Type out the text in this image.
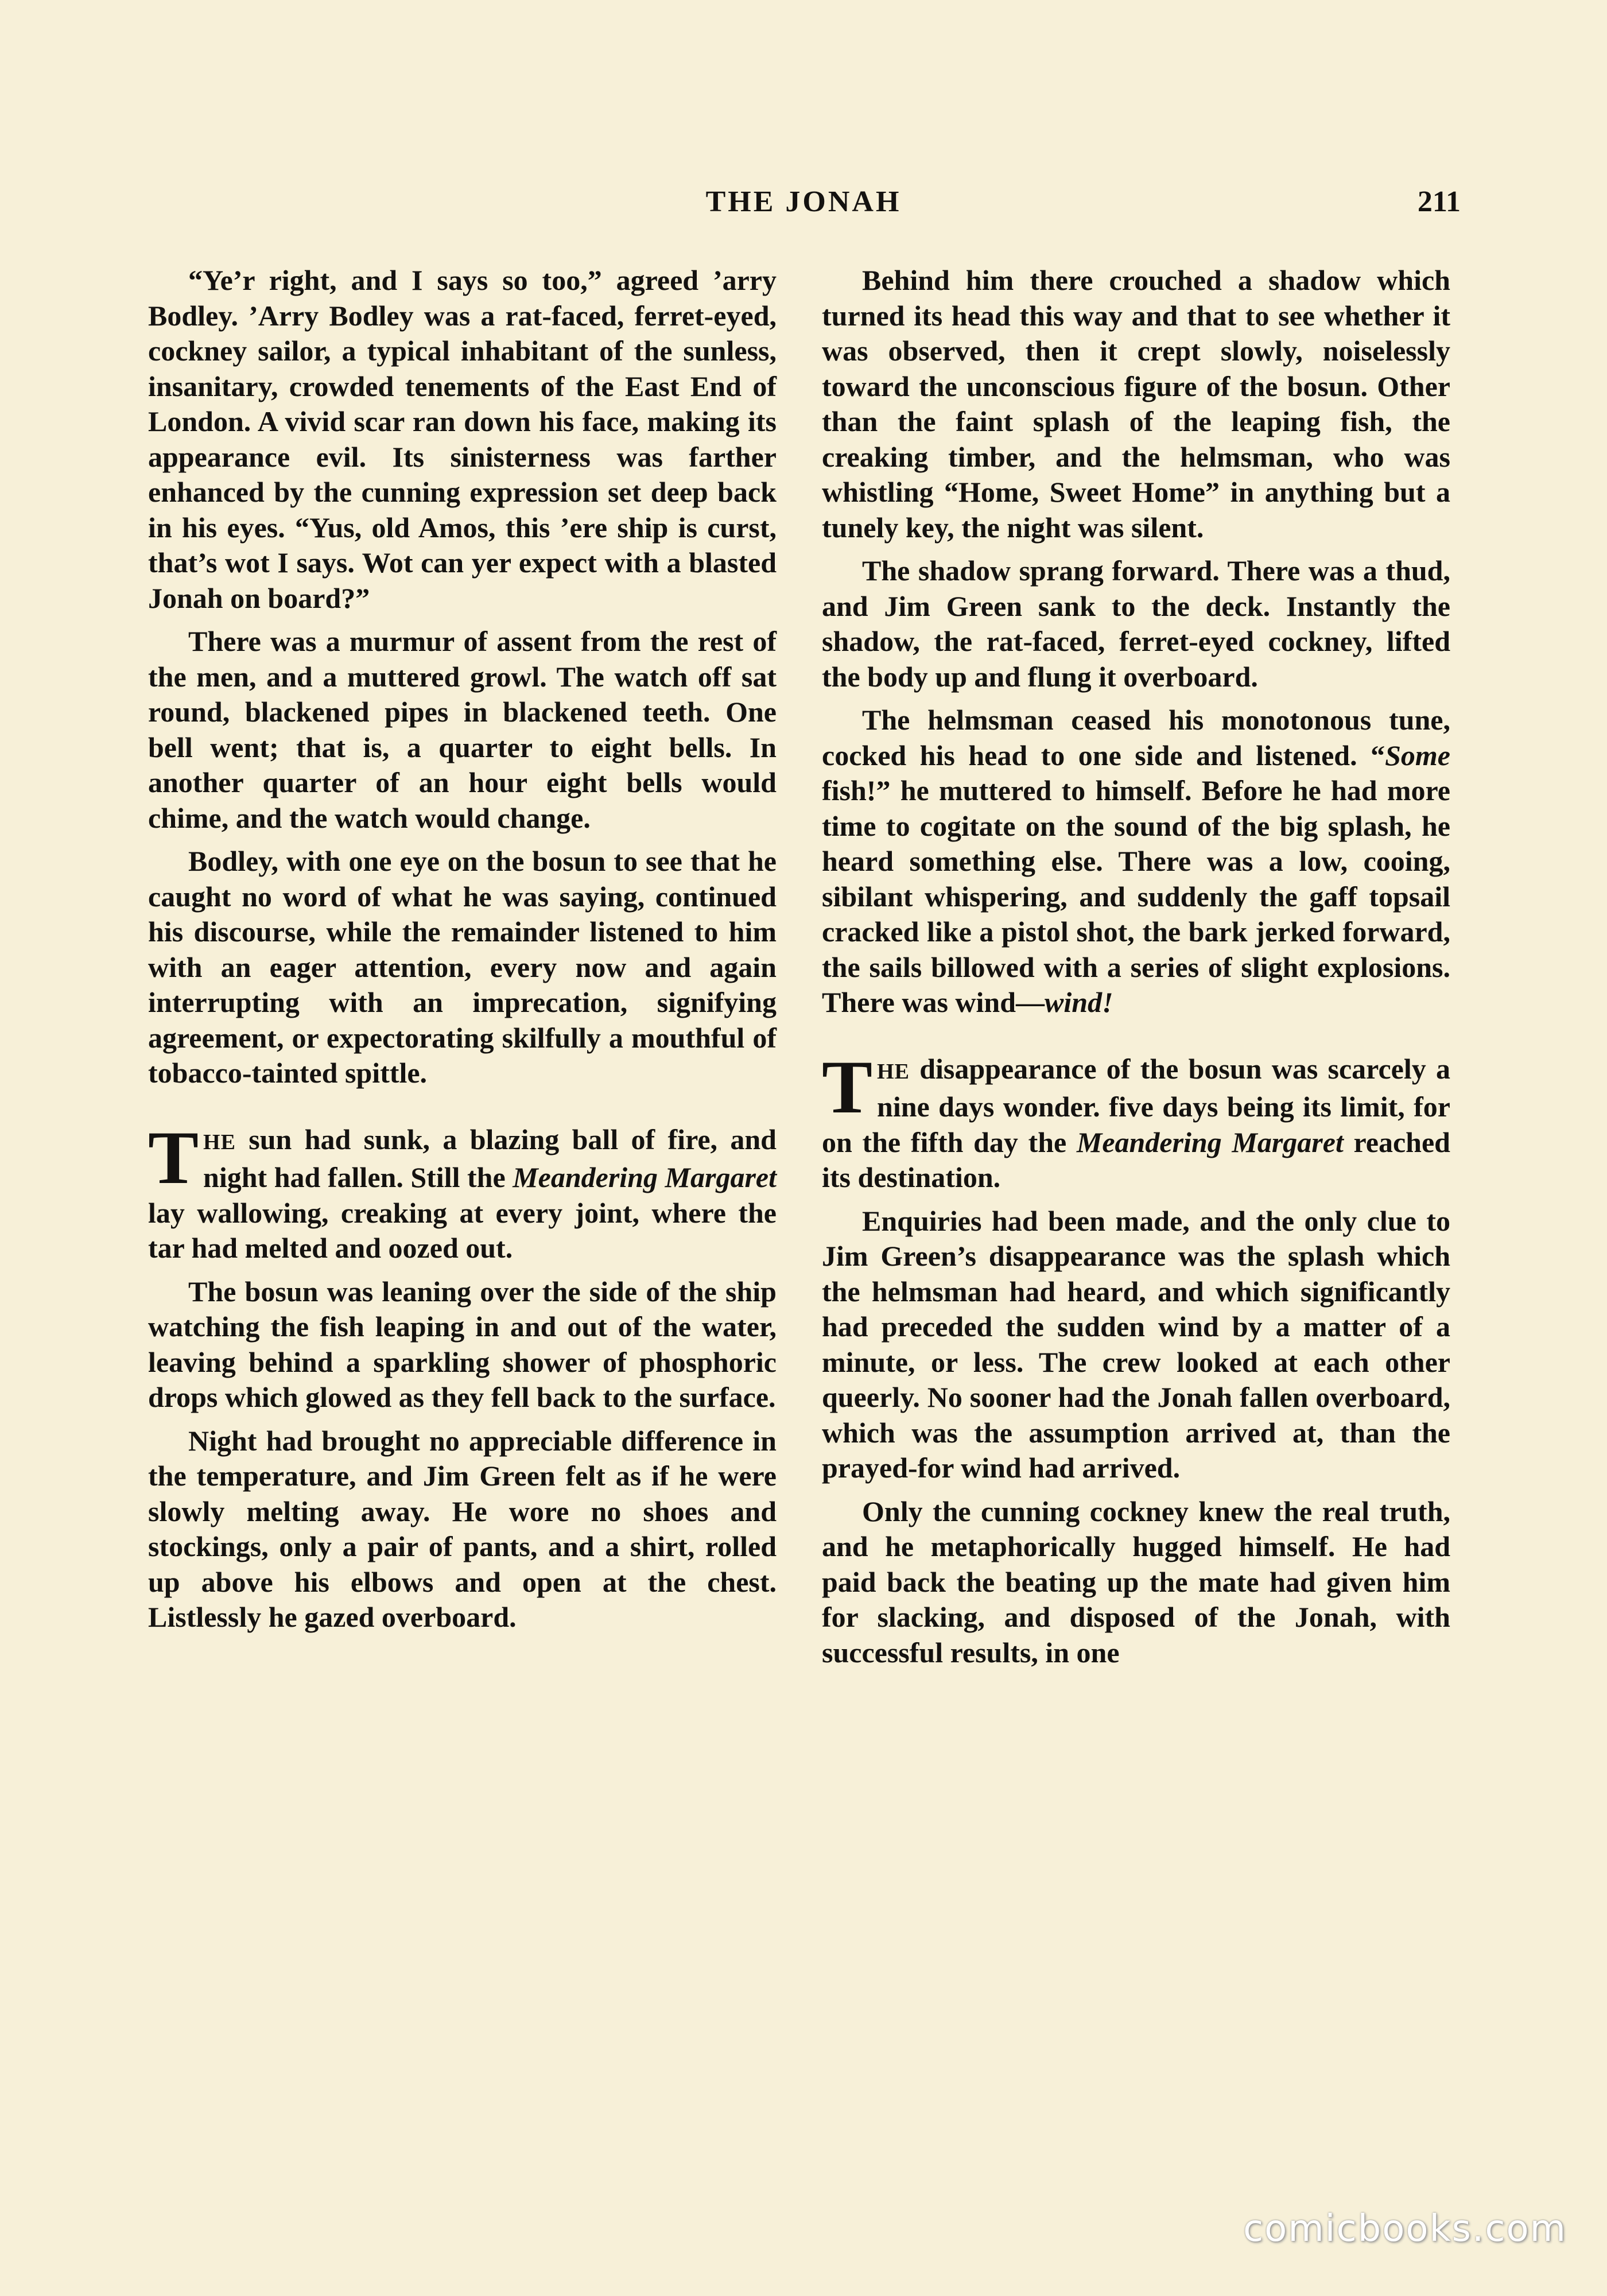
THE JONAH	211

“Ye’r right, and I says so too,” agreed ’arry Bodley. ’Arry Bodley was a rat-faced, ferret-eyed, cockney sailor, a typical inhabitant of the sunless, insanitary, crowded tenements of the East End of London. A vivid scar ran down his face, making its appearance evil. Its sinisterness was farther enhanced by the cunning expression set deep back in his eyes. “Yus, old Amos, this ’ere ship is curst, that’s wot I says. Wot can yer expect with a blasted Jonah on board?”

There was a murmur of assent from the rest of the men, and a muttered growl. The watch off sat round, blackened pipes in blackened teeth. One bell went; that is, a quarter to eight bells. In another quarter of an hour eight bells would chime, and the watch would change.

Bodley, with one eye on the bosun to see that he caught no word of what he was saying, continued his discourse, while the remainder listened to him with an eager attention, every now and again interrupting with an imprecation, signifying agreement, or expectorating skilfully a mouthful of tobacco-tainted spittle.

THE sun had sunk, a blazing ball of fire, and night had fallen. Still the Meandering Margaret lay wallowing, creaking at every joint, where the tar had melted and oozed out.

The bosun was leaning over the side of the ship watching the fish leaping in and out of the water, leaving behind a sparkling shower of phosphoric drops which glowed as they fell back to the surface.

Night had brought no appreciable difference in the temperature, and Jim Green felt as if he were slowly melting away. He wore no shoes and stockings, only a pair of pants, and a shirt, rolled up above his elbows and open at the chest. Listlessly he gazed overboard.

Behind him there crouched a shadow which turned its head this way and that to see whether it was observed, then it crept slowly, noiselessly toward the unconscious figure of the bosun. Other than the faint splash of the leaping fish, the creaking timber, and the helmsman, who was whistling “Home, Sweet Home” in anything but a tunely key, the night was silent.

The shadow sprang forward. There was a thud, and Jim Green sank to the deck. Instantly the shadow, the rat-faced, ferret-eyed cockney, lifted the body up and flung it overboard.

The helmsman ceased his monotonous tune, cocked his head to one side and listened. “Some fish!” he muttered to himself. Before he had more time to cogitate on the sound of the big splash, he heard something else. There was a low, cooing, sibilant whispering, and suddenly the gaff topsail cracked like a pistol shot, the bark jerked forward, the sails billowed with a series of slight explosions. There was wind—wind!

THE disappearance of the bosun was scarcely a nine days wonder. five days being its limit, for on the fifth day the Meandering Margaret reached its destination.

Enquiries had been made, and the only clue to Jim Green’s disappearance was the splash which the helmsman had heard, and which significantly had preceded the sudden wind by a matter of a minute, or less. The crew looked at each other queerly. No sooner had the Jonah fallen overboard, which was the assumption arrived at, than the prayed-for wind had arrived.

Only the cunning cockney knew the real truth, and he metaphorically hugged himself. He had paid back the beating up the mate had given him for slacking, and disposed of the Jonah, with successful results, in one

comicbooks.com
